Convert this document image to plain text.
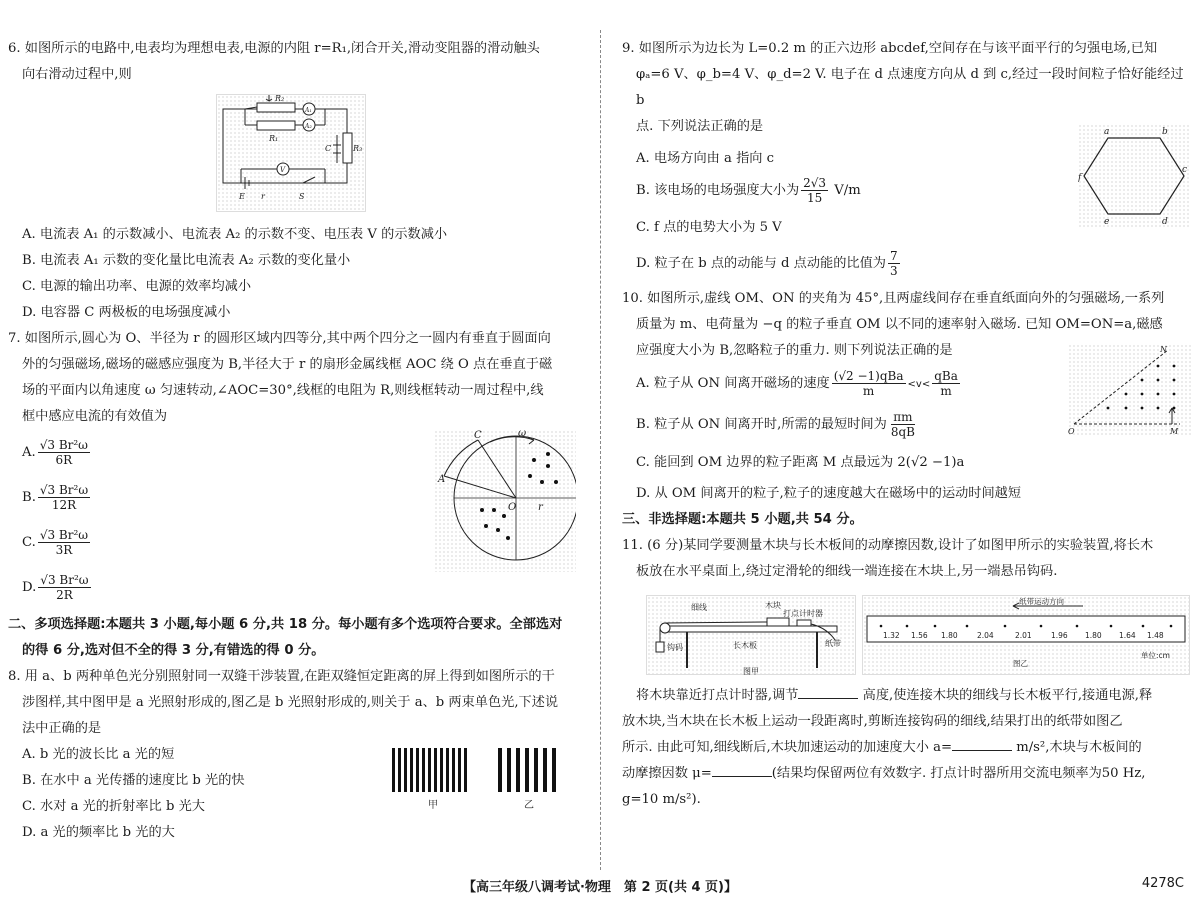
6. 如图所示的电路中,电表均为理想电表,电源的内阻 r=R₁,闭合开关,滑动变阻器的滑动触头

向右滑动过程中,则

R₂
R₁
A₁
A₂
C	R₃
V
E r	S

A. 电流表 A₁ 的示数减小、电流表 A₂ 的示数不变、电压表 V 的示数减小

B. 电流表 A₁ 示数的变化量比电流表 A₂ 示数的变化量小

C. 电源的输出功率、电源的效率均减小

D. 电容器 C 两极板的电场强度减小

7. 如图所示,圆心为 O、半径为 r 的圆形区域内四等分,其中两个四分之一圆内有垂直于圆面向

外的匀强磁场,磁场的磁感应强度为 B,半径大于 r 的扇形金属线框 AOC 绕 O 点在垂直于磁

场的平面内以角速度 ω 匀速转动,∠AOC=30°,线框的电阻为 R,则线框转动一周过程中,线

框中感应电流的有效值为

A. $\frac{\text{√3 Br²ω}}{6R}$
B. $\frac{\text{√3 Br²ω}}{12R}$
C. $\frac{\text{√3 Br²ω}}{3R}$
D. $\frac{\text{√3 Br²ω}}{2R}$
C
A
O r
ω

二、多项选择题:本题共 3 小题,每小题 6 分,共 18 分。每小题有多个选项符合要求。全部选对

的得 6 分,选对但不全的得 3 分,有错选的得 0 分。

8. 用 a、b 两种单色光分别照射同一双缝干涉装置,在距双缝恒定距离的屏上得到如图所示的干

涉图样,其中图甲是 a 光照射形成的,图乙是 b 光照射形成的,则关于 a、b 两束单色光,下述说

法中正确的是

A. b 光的波长比 a 光的短

B. 在水中 a 光传播的速度比 b 光的快

C. 水对 a 光的折射率比 b 光大

D. a 光的频率比 b 光的大

甲	乙

9. 如图所示为边长为 L=0.2 m 的正六边形 abcdef,空间存在与该平面平行的匀强电场,已知

φₐ=6 V、φ_b=4 V、φ_d=2 V. 电子在 d 点速度方向从 d 到 c,经过一段时间粒子恰好能经过 b

点. 下列说法正确的是

A. 电场方向由 a 指向 c

B. 该电场的电场强度大小为 $\frac{2√3}{15} V/m$

C. f 点的电势大小为 5 V

D. 粒子在 b 点的动能与 d 点动能的比值为 $\frac{7}{3}$
a	b
c
d
e
f

10. 如图所示,虚线 OM、ON 的夹角为 45°,且两虚线间存在垂直纸面向外的匀强磁场,一系列

质量为 m、电荷量为 −q 的粒子垂直 OM 以不同的速率射入磁场. 已知 OM=ON=a,磁感

应强度大小为 B,忽略粒子的重力. 则下列说法正确的是

A. 粒子从 ON 间离开磁场的速度 $\frac{\text{(√2 −1)qBa}}{m} <v< \frac{\text{qBa}}{m}$
B. 粒子从 ON 间离开时,所需的最短时间为 $\frac{\pi m}{8qB}$

C. 能回到 OM 边界的粒子距离 M 点最远为 2(√2 −1)a

D. 从 OM 间离开的粒子,粒子的速度越大在磁场中的运动时间越短

N
O	M

三、非选择题:本题共 5 小题,共 54 分。

11. (6 分)某同学要测量木块与长木板间的动摩擦因数,设计了如图甲所示的实验装置,将长木

板放在水平桌面上,绕过定滑轮的细线一端连接在木块上,另一端悬吊钩码.

细线	木块
打点计时器
纸带
钩码	长木板
图甲
纸带运动方向
1.32 1.56 1.80	2.04	2.01	1.96 1.80 1.64 1.48
图乙
单位:cm

将木块靠近打点计时器,调节	高度,使连接木块的细线与长木板平行,接通电源,释

放木块,当木块在长木板上运动一段距离时,剪断连接钩码的细线,结果打出的纸带如图乙

所示. 由此可知,细线断后,木块加速运动的加速度大小 a=	m/s²,木块与木板间的

动摩擦因数 μ=	(结果均保留两位有效数字. 打点计时器所用交流电频率为50 Hz,

g=10 m/s²).

【高三年级八调考试·物理　第 2 页(共 4 页)】	4278C
